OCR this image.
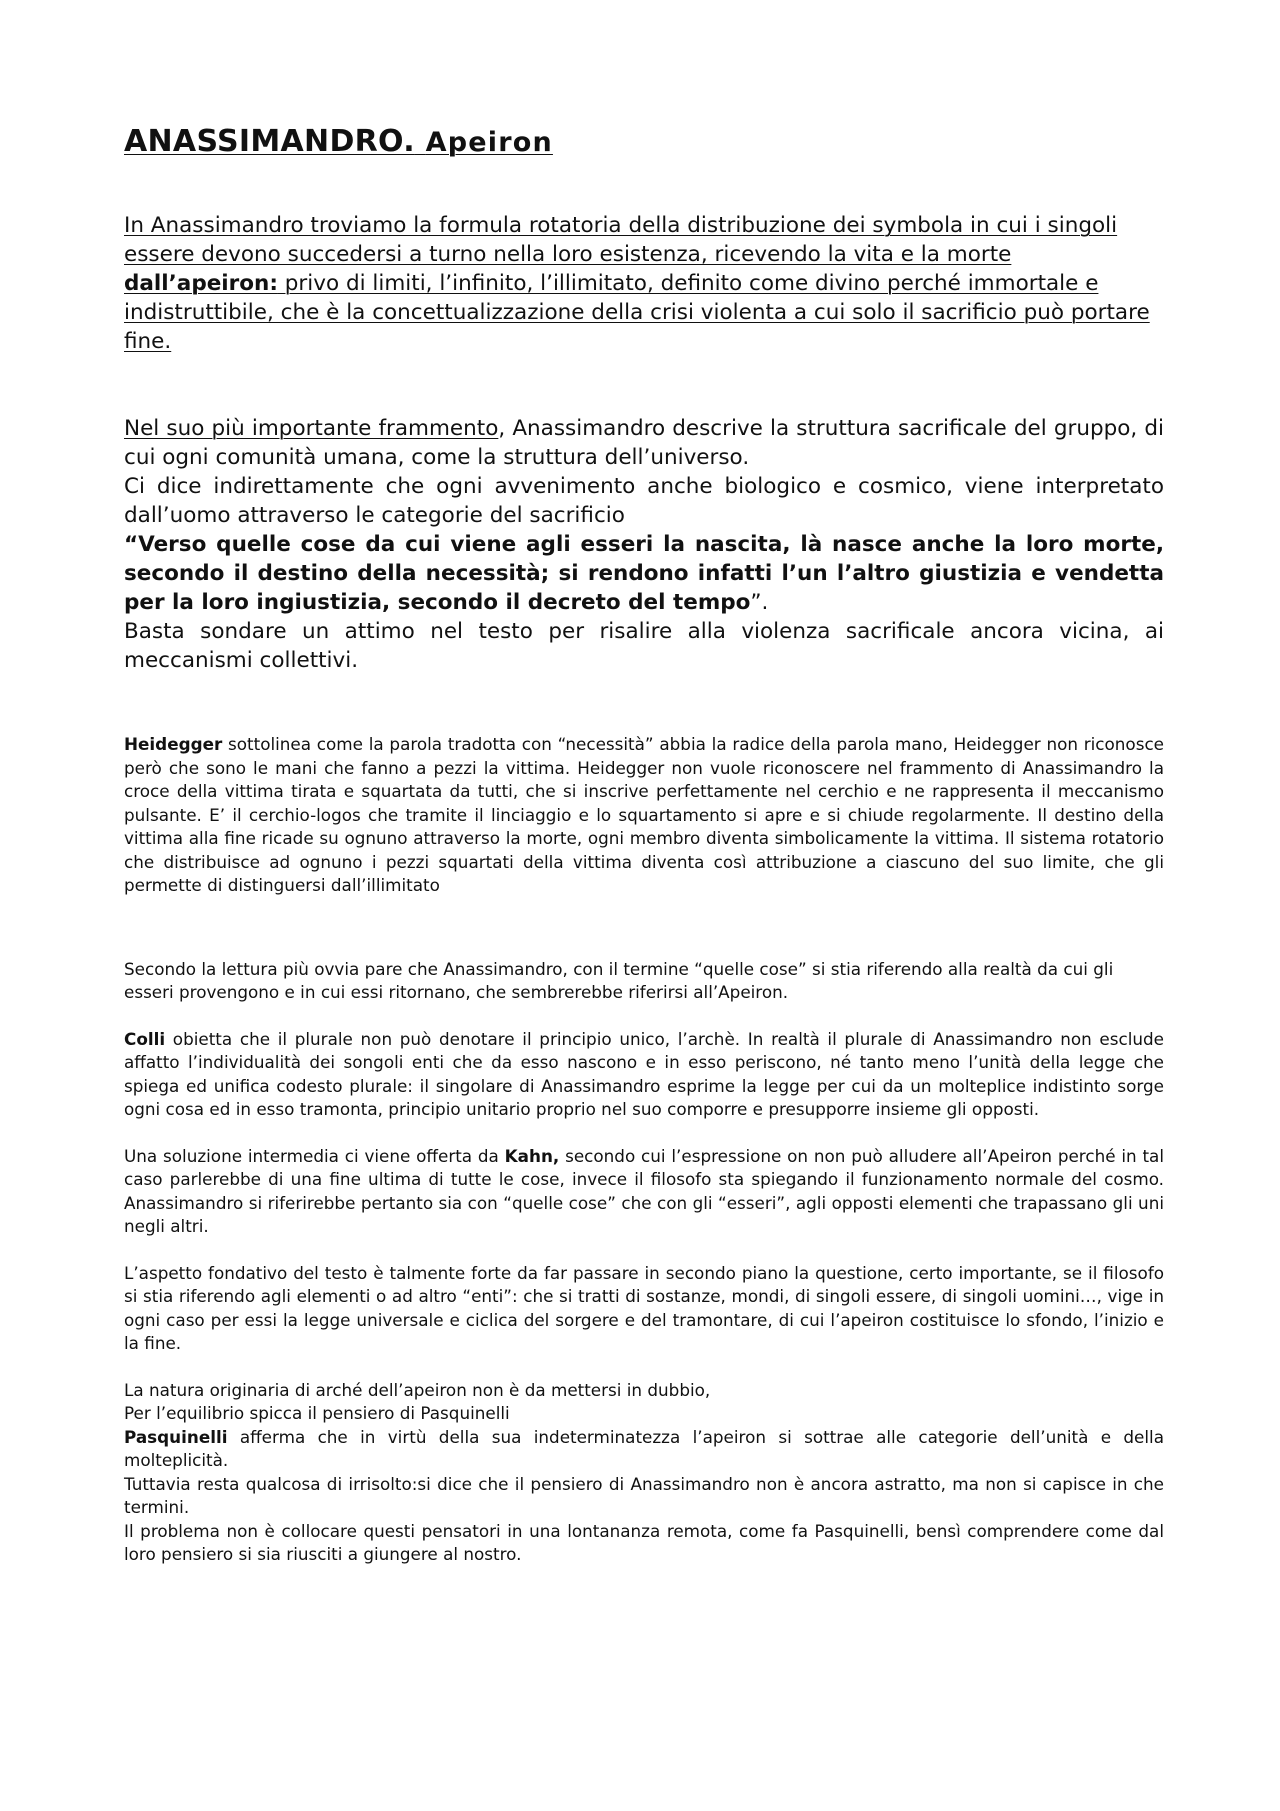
ANASSIMANDRO. Apeiron

In Anassimandro troviamo la formula rotatoria della distribuzione dei symbola in cui i singoli essere devono succedersi a turno nella loro esistenza, ricevendo la vita e la morte dall’apeiron: privo di limiti, l’infinito, l’illimitato, definito come divino perché immortale e indistruttibile, che è la concettualizzazione della crisi violenta a cui solo il sacrificio può portare fine.

Nel suo più importante frammento, Anassimandro descrive la struttura sacrificale del gruppo, di cui ogni comunità umana, come la struttura dell’universo.

Ci dice indirettamente che ogni avvenimento anche biologico e cosmico, viene interpretato dall’uomo attraverso le categorie del sacrificio

“Verso quelle cose da cui viene agli esseri la nascita, là nasce anche la loro morte, secondo il destino della necessità; si rendono infatti l’un l’altro giustizia e vendetta per la loro ingiustizia, secondo il decreto del tempo”.

Basta sondare un attimo nel testo per risalire alla violenza sacrificale ancora vicina, ai meccanismi collettivi.

Heidegger sottolinea come la parola tradotta con “necessità” abbia la radice della parola mano, Heidegger non riconosce però che sono le mani che fanno a pezzi la vittima. Heidegger non vuole riconoscere nel frammento di Anassimandro la croce della vittima tirata e squartata da tutti, che si inscrive perfettamente nel cerchio e ne rappresenta il meccanismo pulsante. E’ il cerchio-logos che tramite il linciaggio e lo squartamento si apre e si chiude regolarmente. Il destino della vittima alla fine ricade su ognuno attraverso la morte, ogni membro diventa simbolicamente la vittima. Il sistema rotatorio che distribuisce ad ognuno i pezzi squartati della vittima diventa così attribuzione a ciascuno del suo limite, che gli permette di distinguersi dall’illimitato

Secondo la lettura più ovvia pare che Anassimandro, con il termine “quelle cose” si stia riferendo alla realtà da cui gli esseri provengono e in cui essi ritornano, che sembrerebbe riferirsi all’Apeiron.

Colli obietta che il plurale non può denotare il principio unico, l’archè. In realtà il plurale di Anassimandro non esclude affatto l’individualità dei songoli enti che da esso nascono e in esso periscono, né tanto meno l’unità della legge che spiega ed unifica codesto plurale: il singolare di Anassimandro esprime la legge per cui da un molteplice indistinto sorge ogni cosa ed in esso tramonta, principio unitario proprio nel suo comporre e presupporre insieme gli opposti.

Una soluzione intermedia ci viene offerta da Kahn, secondo cui l’espressione on non può alludere all’Apeiron perché in tal caso parlerebbe di una fine ultima di tutte le cose, invece il filosofo sta spiegando il funzionamento normale del cosmo. Anassimandro si riferirebbe pertanto sia con “quelle cose” che con gli “esseri”, agli opposti elementi che trapassano gli uni negli altri.

L’aspetto fondativo del testo è talmente forte da far passare in secondo piano la questione, certo importante, se il filosofo si stia riferendo agli elementi o ad altro “enti”: che si tratti di sostanze, mondi, di singoli essere, di singoli uomini…, vige in ogni caso per essi la legge universale e ciclica del sorgere e del tramontare, di cui l’apeiron costituisce lo sfondo, l’inizio e la fine.

La natura originaria di arché dell’apeiron non è da mettersi in dubbio,

Per l’equilibrio spicca il pensiero di Pasquinelli

Pasquinelli afferma che in virtù della sua indeterminatezza l’apeiron si sottrae alle categorie dell’unità e della molteplicità.

Tuttavia resta qualcosa di irrisolto:si dice che il pensiero di Anassimandro non è ancora astratto, ma non si capisce in che termini.

Il problema non è collocare questi pensatori in una lontananza remota, come fa Pasquinelli, bensì comprendere come dal loro pensiero si sia riusciti a giungere al nostro.
